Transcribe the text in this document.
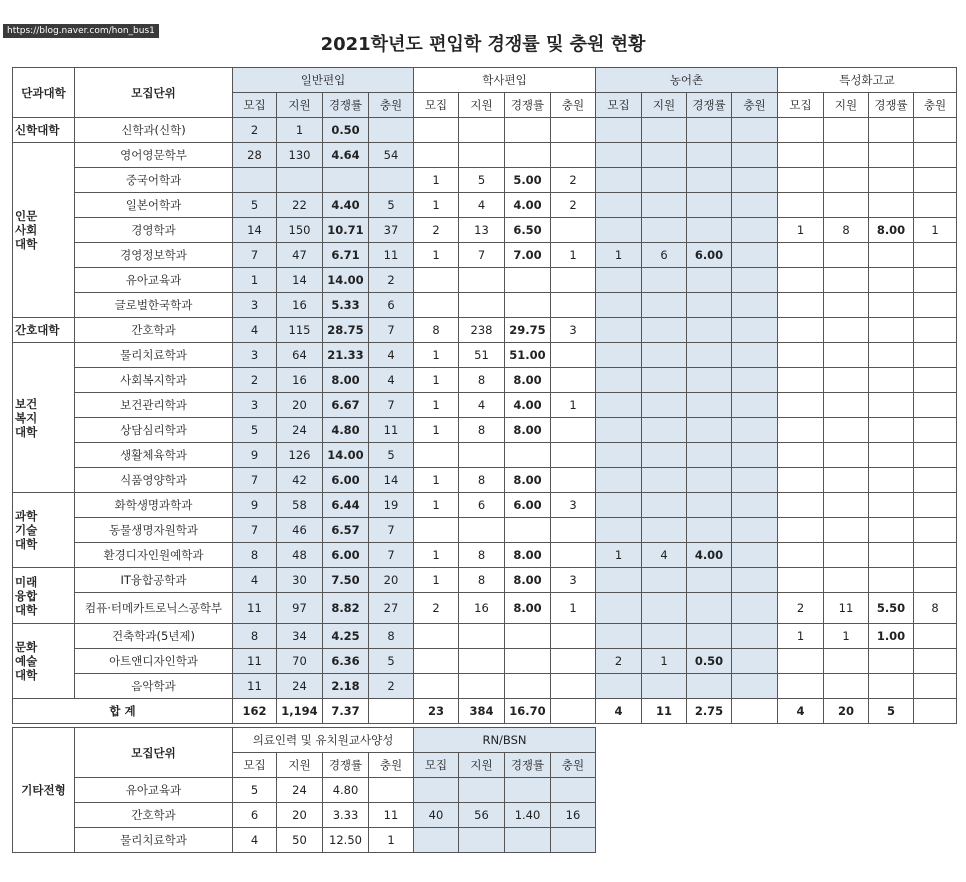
https://blog.naver.com/hon_bus1
2021학년도 편입학 경쟁률 및 충원 현황
단과대학	모집단위	일반편입				학사편입				농어촌				특성화고교			
		모집	지원	경쟁률	충원	모집	지원	경쟁률	충원	모집	지원	경쟁률	충원	모집	지원	경쟁률	충원
신학대학	신학과(신학)	2	1	0.50													
인문
사회
대학	영어영문학부	28	130	4.64	54												
	중국어학과					1	5	5.00	2								
	일본어학과	5	22	4.40	5	1	4	4.00	2								
	경영학과	14	150	10.71	37	2	13	6.50						1	8	8.00	1
	경영정보학과	7	47	6.71	11	1	7	7.00	1	1	6	6.00					
	유아교육과	1	14	14.00	2												
	글로벌한국학과	3	16	5.33	6												
간호대학	간호학과	4	115	28.75	7	8	238	29.75	3								
보건
복지
대학	물리치료학과	3	64	21.33	4	1	51	51.00									
	사회복지학과	2	16	8.00	4	1	8	8.00									
	보건관리학과	3	20	6.67	7	1	4	4.00	1								
	상담심리학과	5	24	4.80	11	1	8	8.00									
	생활체육학과	9	126	14.00	5												
	식품영양학과	7	42	6.00	14	1	8	8.00									
과학
기술
대학	화학생명과학과	9	58	6.44	19	1	6	6.00	3								
	동물생명자원학과	7	46	6.57	7												
	환경디자인원예학과	8	48	6.00	7	1	8	8.00		1	4	4.00					
미래
융합
대학	IT융합공학과	4	30	7.50	20	1	8	8.00	3								
	컴퓨·터메카트로닉스공학부	11	97	8.82	27	2	16	8.00	1					2	11	5.50	8
문화
예술
대학	건축학과(5년제)	8	34	4.25	8									1	1	1.00	
	아트앤디자인학과	11	70	6.36	5					2	1	0.50					
	음악학과	11	24	2.18	2												
합 계		162	1,194	7.37		23	384	16.70		4	11	2.75		4	20	5	
기타전형	모집단위	의료인력 및 유치원교사양성				RN/BSN			
		모집	지원	경쟁률	충원	모집	지원	경쟁률	충원
	유아교육과	5	24	4.80					
	간호학과	6	20	3.33	11	40	56	1.40	16
	물리치료학과	4	50	12.50	1				
